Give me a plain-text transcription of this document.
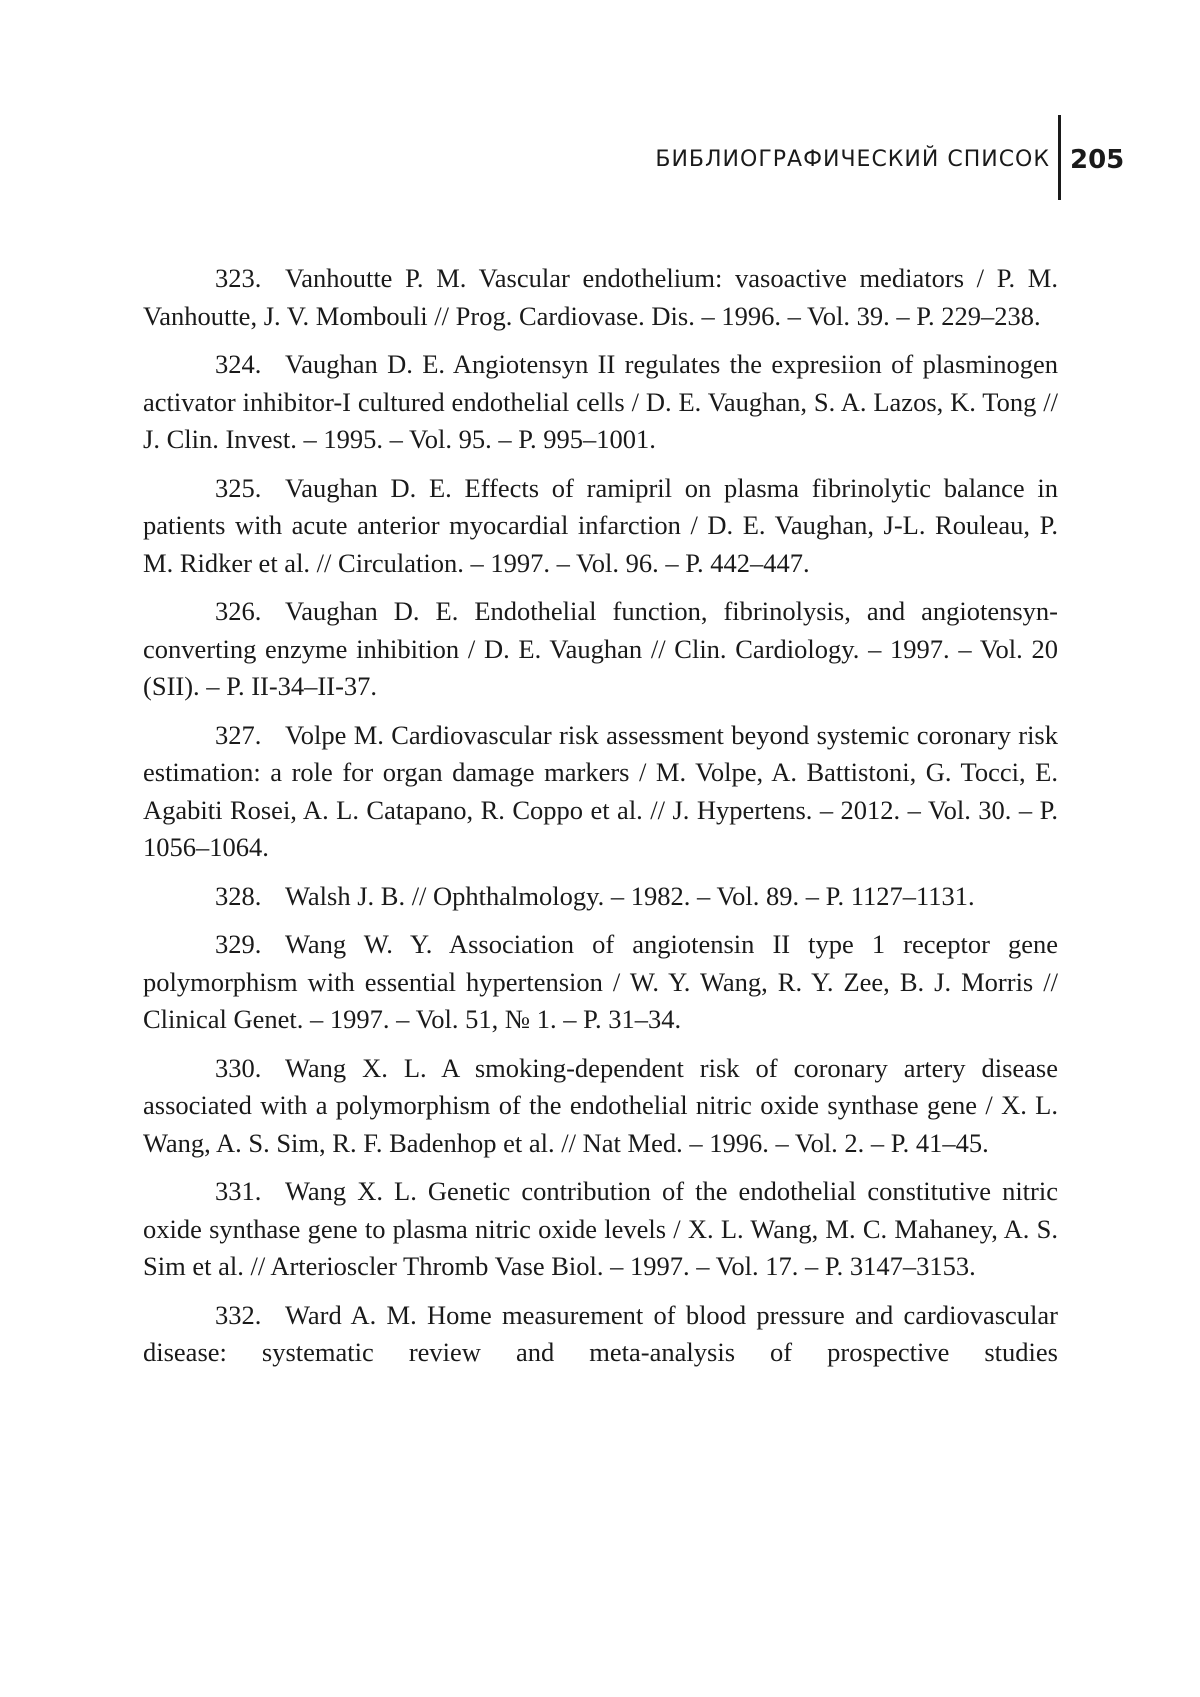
БИБЛИОГРАФИЧЕСКИЙ СПИСОК 205

323. Vanhoutte P. M. Vascular endothelium: vasoactive mediators / P. M. Vanhoutte, J. V. Mombouli // Prog. Cardiovase. Dis. – 1996. – Vol. 39. – P. 229–238.

324. Vaughan D. E. Angiotensyn II regulates the expresiion of plasminogen activator inhibitor-I cultured endothelial cells / D. E. Vaughan, S. A. Lazos, K. Tong // J. Clin. Invest. – 1995. – Vol. 95. – P. 995–1001.

325. Vaughan D. E. Effects of ramipril on plasma fibrinolytic balance in patients with acute anterior myocardial infarction / D. E. Vaughan, J-L. Rouleau, P. M. Ridker et al. // Circulation. – 1997. – Vol. 96. – P. 442–447.

326. Vaughan D. E. Endothelial function, fibrinolysis, and angiotensyn-converting enzyme inhibition / D. E. Vaughan // Clin. Cardiology. – 1997. – Vol. 20 (SII). – P. II-34–II-37.

327. Volpe M. Cardiovascular risk assessment beyond systemic coronary risk estimation: a role for organ damage markers / M. Volpe, A. Battistoni, G. Tocci, E. Agabiti Rosei, A. L. Catapano, R. Coppo et al. // J. Hypertens. – 2012. – Vol. 30. – P. 1056–1064.

328. Walsh J. B. // Ophthalmology. – 1982. – Vol. 89. – P. 1127–1131.

329. Wang W. Y. Association of angiotensin II type 1 receptor gene polymorphism with essential hypertension / W. Y. Wang, R. Y. Zee, B. J. Morris // Clinical Genet. – 1997. – Vol. 51, № 1. – P. 31–34.

330. Wang X. L. A smoking-dependent risk of coronary artery disease associated with a polymorphism of the endothelial nitric oxide synthase gene / X. L. Wang, A. S. Sim, R. F. Badenhop et al. // Nat Med. – 1996. – Vol. 2. – P. 41–45.

331. Wang X. L. Genetic contribution of the endothelial constitutive nitric oxide synthase gene to plasma nitric oxide levels / X. L. Wang, M. C. Mahaney, A. S. Sim et al. // Arterioscler Thromb Vase Biol. – 1997. – Vol. 17. – P. 3147–3153.

332. Ward A. M. Home measurement of blood pressure and cardiovascular disease: systematic review and meta-analysis of prospective studies
